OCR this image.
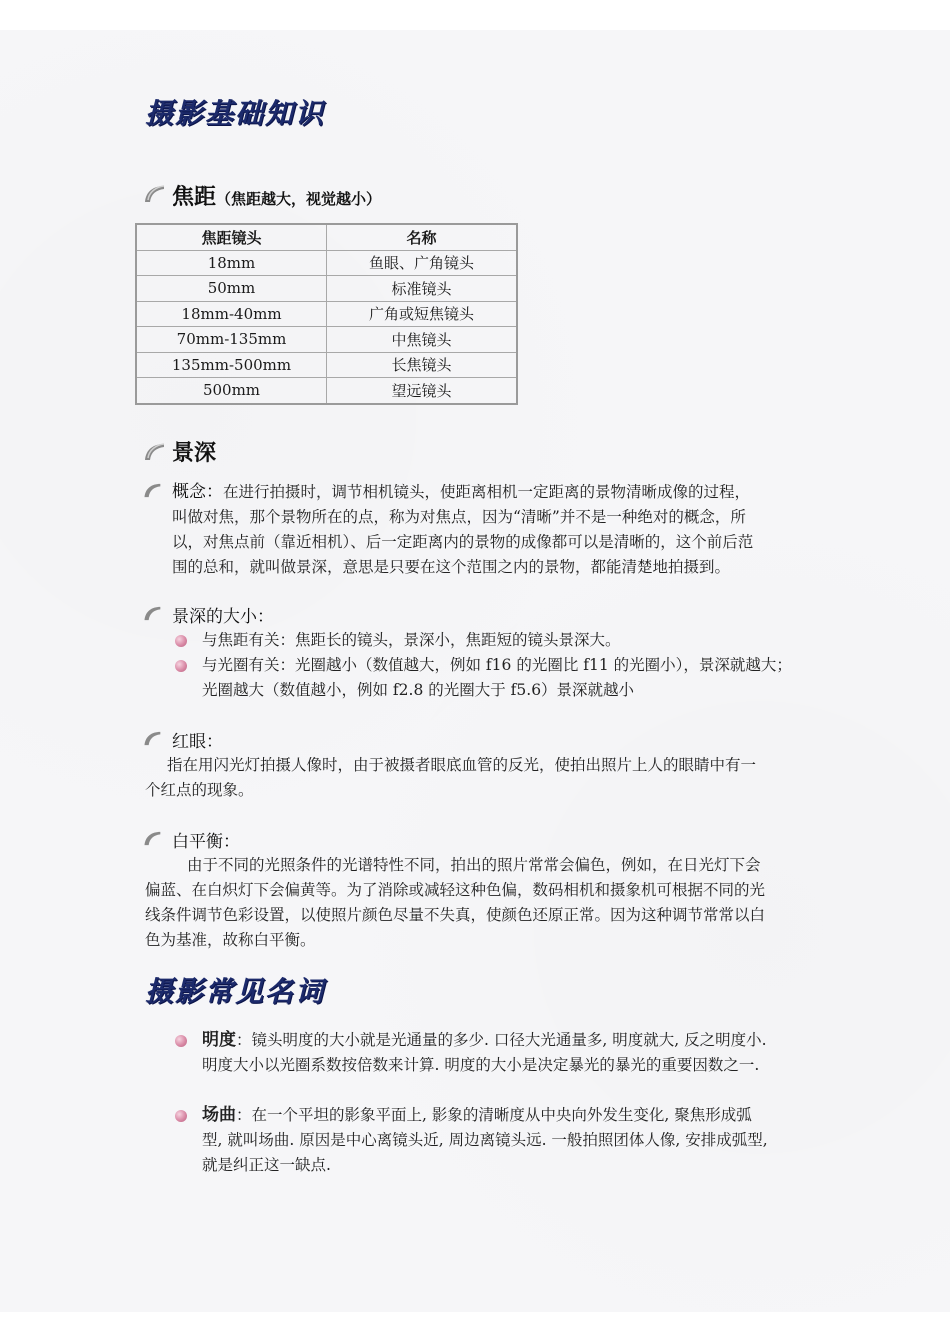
摄影基础知识
焦距（焦距越大，视觉越小）
焦距镜头	名称
18mm	鱼眼、广角镜头
50mm	标准镜头
18mm-40mm	广角或短焦镜头
70mm-135mm	中焦镜头
135mm-500mm	长焦镜头
500mm	望远镜头
景深
概念：在进行拍摄时，调节相机镜头，使距离相机一定距离的景物清晰成像的过程，
叫做对焦，那个景物所在的点，称为对焦点，因为“清晰”并不是一种绝对的概念，所
以，对焦点前（靠近相机）、后一定距离内的景物的成像都可以是清晰的，这个前后范
围的总和，就叫做景深，意思是只要在这个范围之内的景物，都能清楚地拍摄到。
景深的大小：
与焦距有关：焦距长的镜头，景深小，焦距短的镜头景深大。
与光圈有关：光圈越小（数值越大，例如 f16 的光圈比 f11 的光圈小），景深就越大；
光圈越大（数值越小，例如 f2.8 的光圈大于 f5.6）景深就越小
红眼：
指在用闪光灯拍摄人像时，由于被摄者眼底血管的反光，使拍出照片上人的眼睛中有一
个红点的现象。
白平衡：
由于不同的光照条件的光谱特性不同，拍出的照片常常会偏色，例如，在日光灯下会
偏蓝、在白炽灯下会偏黄等。为了消除或减轻这种色偏，数码相机和摄象机可根据不同的光
线条件调节色彩设置，以使照片颜色尽量不失真，使颜色还原正常。因为这种调节常常以白
色为基准，故称白平衡。
摄影常见名词
明度：镜头明度的大小就是光通量的多少. 口径大光通量多, 明度就大, 反之明度小.
明度大小以光圈系数按倍数来计算. 明度的大小是决定暴光的暴光的重要因数之一.
场曲：在一个平坦的影象平面上, 影象的清晰度从中央向外发生变化, 聚焦形成弧
型, 就叫场曲. 原因是中心离镜头近, 周边离镜头远. 一般拍照团体人像, 安排成弧型,
就是纠正这一缺点.
